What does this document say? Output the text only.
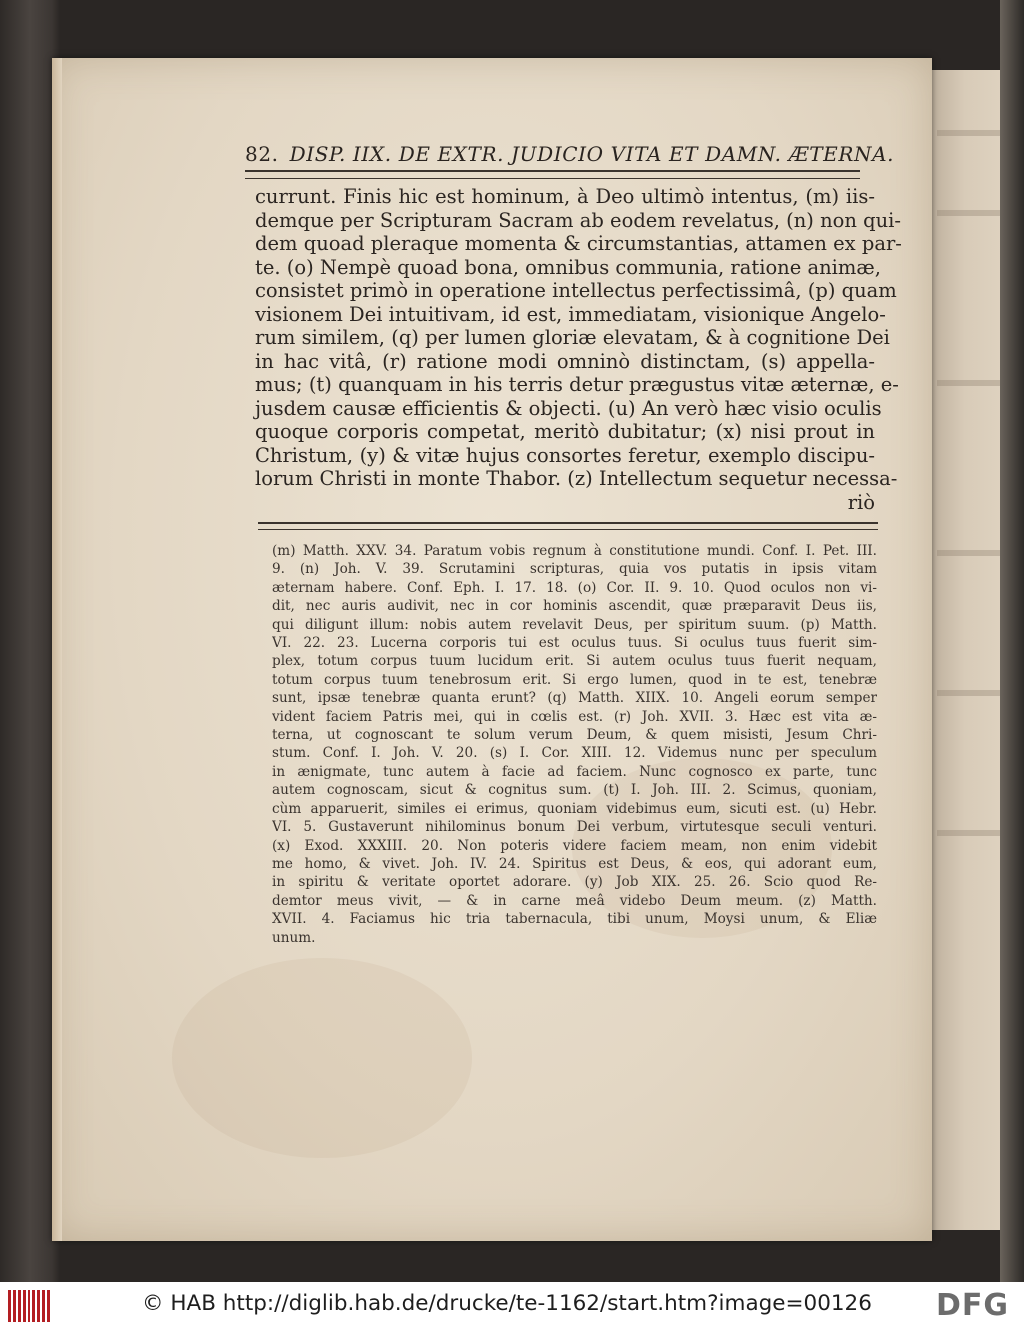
82. DISP. IIX. DE EXTR. JUDICIO VITA ET DAMN. ÆTERNA.
currunt. Finis hic est hominum, à Deo ultimò intentus, (m) iis-
demque per Scripturam Sacram ab eodem revelatus, (n) non qui-
dem quoad pleraque momenta & circumstantias, attamen ex par-
te. (o) Nempè quoad bona, omnibus communia, ratione animæ,
consistet primò in operatione intellectus perfectissimâ, (p) quam
visionem Dei intuitivam, id est, immediatam, visionique Angelo-
rum similem, (q) per lumen gloriæ elevatam, & à cognitione Dei
in hac vitâ, (r) ratione modi omninò distinctam, (s) appella-
mus; (t) quanquam in his terris detur prægustus vitæ æternæ, e-
jusdem causæ efficientis & objecti. (u) An verò hæc visio oculis
quoque corporis competat, meritò dubitatur; (x) nisi prout in
Christum, (y) & vitæ hujus consortes feretur, exemplo discipu-
lorum Christi in monte Thabor. (z) Intellectum sequetur necessa-
riò
(m) Matth. XXV. 34. Paratum vobis regnum à constitutione mundi. Conf. I. Pet. III.
9. (n) Joh. V. 39. Scrutamini scripturas, quia vos putatis in ipsis vitam
æternam habere. Conf. Eph. I. 17. 18. (o) Cor. II. 9. 10. Quod oculos non vi-
dit, nec auris audivit, nec in cor hominis ascendit, quæ præparavit Deus iis,
qui diligunt illum: nobis autem revelavit Deus, per spiritum suum. (p) Matth.
VI. 22. 23. Lucerna corporis tui est oculus tuus. Si oculus tuus fuerit sim-
plex, totum corpus tuum lucidum erit. Si autem oculus tuus fuerit nequam,
totum corpus tuum tenebrosum erit. Si ergo lumen, quod in te est, tenebræ
sunt, ipsæ tenebræ quanta erunt? (q) Matth. XIIX. 10. Angeli eorum semper
vident faciem Patris mei, qui in cœlis est. (r) Joh. XVII. 3. Hæc est vita æ-
terna, ut cognoscant te solum verum Deum, & quem misisti, Jesum Chri-
stum. Conf. I. Joh. V. 20. (s) I. Cor. XIII. 12. Videmus nunc per speculum
in ænigmate, tunc autem à facie ad faciem. Nunc cognosco ex parte, tunc
autem cognoscam, sicut & cognitus sum. (t) I. Joh. III. 2. Scimus, quoniam,
cùm apparuerit, similes ei erimus, quoniam videbimus eum, sicuti est. (u) Hebr.
VI. 5. Gustaverunt nihilominus bonum Dei verbum, virtutesque seculi venturi.
(x) Exod. XXXIII. 20. Non poteris videre faciem meam, non enim videbit
me homo, & vivet. Joh. IV. 24. Spiritus est Deus, & eos, qui adorant eum,
in spiritu & veritate oportet adorare. (y) Job XIX. 25. 26. Scio quod Re-
demtor meus vivit, — & in carne meâ videbo Deum meum. (z) Matth.
XVII. 4. Faciamus hic tria tabernacula, tibi unum, Moysi unum, & Eliæ
unum.
© HAB http://diglib.hab.de/drucke/te-1162/start.htm?image=00126 DFG
